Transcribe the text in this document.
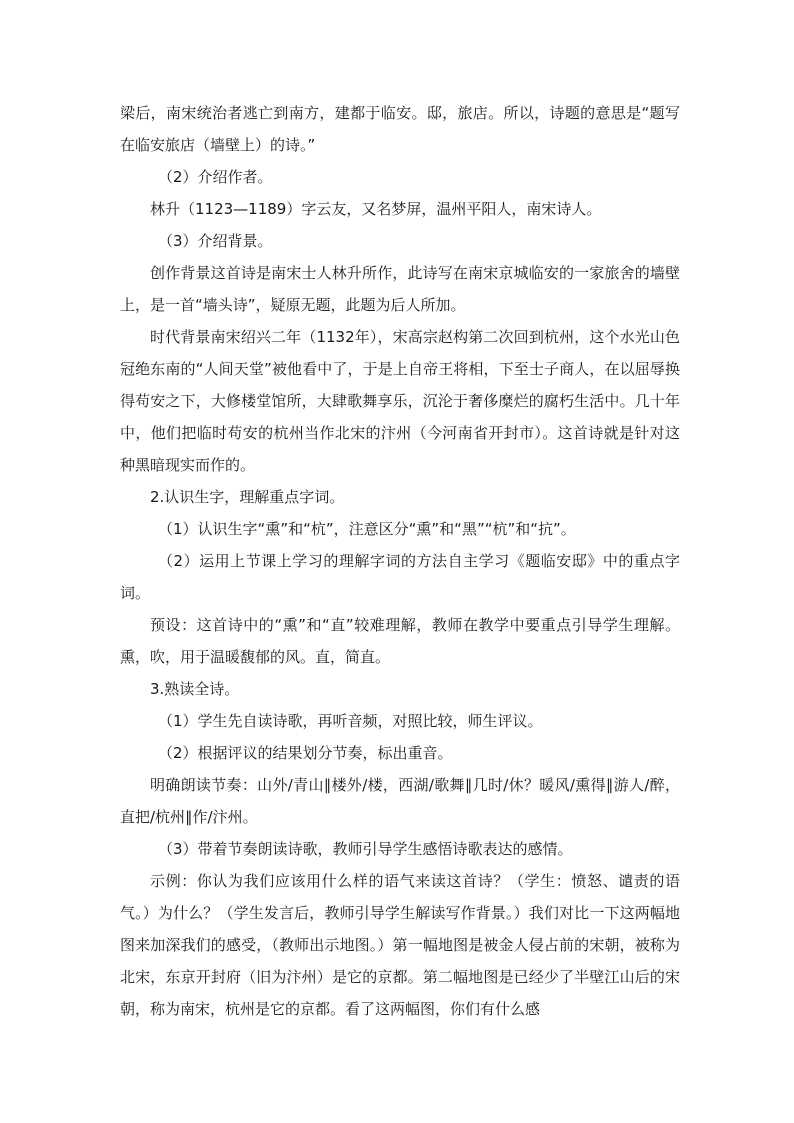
梁后，南宋统治者逃亡到南方，建都于临安。邸，旅店。所以，诗题的意思是“题写在临安旅店（墙壁上）的诗。”

（2）介绍作者。

林升（1123—1189）字云友，又名梦屏，温州平阳人，南宋诗人。

（3）介绍背景。

创作背景这首诗是南宋士人林升所作，此诗写在南宋京城临安的一家旅舍的墙壁上，是一首“墙头诗”，疑原无题，此题为后人所加。

时代背景南宋绍兴二年（1132年），宋高宗赵构第二次回到杭州，这个水光山色冠绝东南的“人间天堂”被他看中了，于是上自帝王将相，下至士子商人，在以屈辱换得苟安之下，大修楼堂馆所，大肆歌舞享乐，沉沦于奢侈糜烂的腐朽生活中。几十年中，他们把临时苟安的杭州当作北宋的汴州（今河南省开封市）。这首诗就是针对这种黑暗现实而作的。

2.认识生字，理解重点字词。

（1）认识生字“熏”和“杭”，注意区分“熏”和“黑”“杭”和“抗”。

（2）运用上节课上学习的理解字词的方法自主学习《题临安邸》中的重点字词。

预设：这首诗中的“熏”和“直”较难理解，教师在教学中要重点引导学生理解。熏，吹，用于温暖馥郁的风。直，简直。

3.熟读全诗。

（1）学生先自读诗歌，再听音频，对照比较，师生评议。

（2）根据评议的结果划分节奏，标出重音。

明确朗读节奏：山外/青山∥楼外/楼，西湖/歌舞∥几时/休？暖风/熏得∥游人/醉，直把/杭州∥作/汴州。

（3）带着节奏朗读诗歌，教师引导学生感悟诗歌表达的感情。

示例：你认为我们应该用什么样的语气来读这首诗？（学生：愤怒、谴责的语气。）为什么？（学生发言后，教师引导学生解读写作背景。）我们对比一下这两幅地图来加深我们的感受，（教师出示地图。）第一幅地图是被金人侵占前的宋朝，被称为北宋，东京开封府（旧为汴州）是它的京都。第二幅地图是已经少了半壁江山后的宋朝，称为南宋，杭州是它的京都。看了这两幅图，你们有什么感
